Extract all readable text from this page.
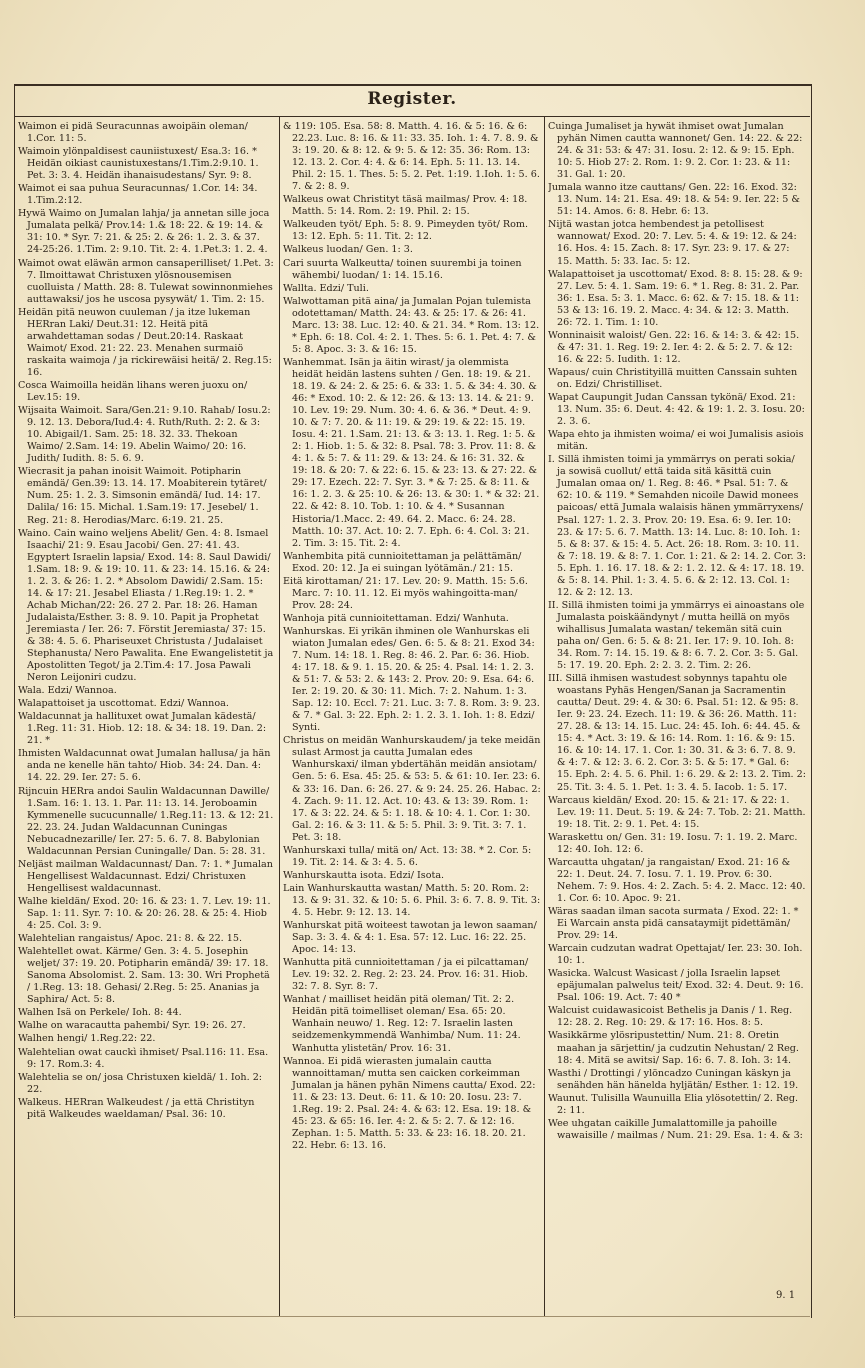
Register.
Waimon ei pidä Seuracunnas awoipäin oleman/ 1.Cor. 11: 5.
Waimoin ylönpaldisest cauniistuxest/ Esa.3: 16. * Heidän oikiast caunistuxestans/1.Tim.2:9.10. 1. Pet. 3: 3. 4. Heidän ihanaisudestans/ Syr. 9: 8.
Waimot ei saa puhua Seuracunnas/ 1.Cor. 14: 34. 1.Tim.2:12.
Hywä Waimo on Jumalan lahja/ ja annetan sille joca Jumalata pelkä/ Prov.14: 1.& 18: 22. & 19: 14. & 31: 10. * Syr. 7: 21. & 25: 2. & 26: 1. 2. 3. & 37. 24-25:26. 1.Tim. 2: 9.10. Tit. 2: 4. 1.Pet.3: 1. 2. 4.
Waimot owat eläwän armon cansaperilliset/ 1.Pet. 3: 7. Ilmoittawat Christuxen ylösnousemisen cuolluista / Matth. 28: 8. Tulewat sowinnonmiehes auttawaksi/ jos he uscosa pysywät/ 1. Tim. 2: 15.
Heidän pitä neuwon cuuleman / ja itze lukeman HERran Laki/ Deut.31: 12. Heitä pitä arwahdettaman sodas / Deut.20:14. Raskaat Waimot/ Exod. 21: 22. 23. Menahen surmaiö raskaita waimoja / ja rickirewäisi heitä/ 2. Reg.15: 16.
Cosca Waimoilla heidän lihans weren juoxu on/ Lev.15: 19.
Wijsaita Waimoit. Sara/Gen.21: 9.10. Rahab/ Iosu.2: 9. 12. 13. Debora/Iud.4: 4. Ruth/Ruth. 2: 2. & 3: 10. Abigail/1. Sam. 25: 18. 32. 33. Thekoan Waimo/ 2.Sam. 14: 19. Abelin Waimo/ 20: 16. Judith/ Iudith. 8: 5. 6. 9.
Wiecrasit ja pahan inoisit Waimoit. Potipharin emändä/ Gen.39: 13. 14. 17. Moabiterein tytäret/ Num. 25: 1. 2. 3. Simsonin emändä/ Iud. 14: 17. Dalila/ 16: 15. Michal. 1.Sam.19: 17. Jesebel/ 1. Reg. 21: 8. Herodias/Marc. 6:19. 21. 25.
Waino. Cain waino weljens Abelit/ Gen. 4: 8. Ismael Isaachi/ 21: 9. Esau Jacobi/ Gen. 27: 41. 43. Egyptert Israelin lapsia/ Exod. 14: 8. Saul Dawidi/ 1.Sam. 18: 9. & 19: 10. 11. & 23: 14. 15.16. & 24: 1. 2. 3. & 26: 1. 2. * Absolom Dawidi/ 2.Sam. 15: 14. & 17: 21. Jesabel Eliasta / 1.Reg.19: 1. 2. * Achab Michan/22: 26. 27 2. Par. 18: 26. Haman Judalaista/Esther. 3: 8. 9. 10. Papit ja Prophetat Jeremiasta / Ier. 26: 7. Förstit Jeremiasta/ 37: 15. & 38: 4. 5. 6. Phariseuxet Christusta / Judalaiset Stephanusta/ Nero Pawalita. Ene Ewangelistetit ja Apostolitten Tegot/ ja 2.Tim.4: 17. Josa Pawali Neron Leijoniri cudzu.
Wala. Edzi/ Wannoa.
Walapattoiset ja uscottomat. Edzi/ Wannoa.
Waldacunnat ja hallituxet owat Jumalan kädestä/ 1.Reg. 11: 31. Hiob. 12: 18. & 34: 18. 19. Dan. 2: 21. *
Ihmisten Waldacunnat owat Jumalan hallusa/ ja hän anda ne kenelle hän tahto/ Hiob. 34: 24. Dan. 4: 14. 22. 29. Ier. 27: 5. 6.
Rijncuin HERra andoi Saulin Waldacunnan Dawille/ 1.Sam. 16: 1. 13. 1. Par. 11: 13. 14. Jeroboamin Kymmenelle sucucunnalle/ 1.Reg.11: 13. & 12: 21. 22. 23. 24. Judan Waldacunnan Cuningas Nebucadnezarille/ Ier. 27: 5. 6. 7. 8. Babylonian Waldacunnan Persian Cuningalle/ Dan. 5: 28. 31.
Neljäst mailman Waldacunnast/ Dan. 7: 1. * Jumalan Hengellisest Waldacunnast. Edzi/ Christuxen Hengellisest waldacunnast.
Walhe kieldän/ Exod. 20: 16. & 23: 1. 7. Lev. 19: 11. Sap. 1: 11. Syr. 7: 10. & 20: 26. 28. & 25: 4. Hiob 4: 25. Col. 3: 9.
Walehtelian rangaistus/ Apoc. 21: 8. & 22. 15.
Walehtellet owat. Kärme/ Gen. 3: 4. 5. Josephin weljet/ 37: 19. 20. Potipharin emändä/ 39: 17. 18. Sanoma Absolomist. 2. Sam. 13: 30. Wri Prophetä / 1.Reg. 13: 18. Gehasi/ 2.Reg. 5: 25. Ananias ja Saphira/ Act. 5: 8.
Walhen Isä on Perkele/ Ioh. 8: 44.
Walhe on waracautta pahembi/ Syr. 19: 26. 27.
Walhen hengi/ 1.Reg.22: 22.
Walehtelian owat cauckì ihmiset/ Psal.116: 11. Esa. 9: 17. Rom.3: 4.
Walehtelia se on/ josa Christuxen kieldä/ 1. Ioh. 2: 22.
Walkeus. HERran Walkeudest / ja että Christityn pitä Walkeudes waeldaman/ Psal. 36: 10.
& 119: 105. Esa. 58: 8. Matth. 4. 16. & 5: 16. & 6: 22.23. Luc. 8: 16. & 11: 33. 35. Ioh. 1: 4. 7. 8. 9. & 3: 19. 20. & 8: 12. & 9: 5. & 12: 35. 36: Rom. 13: 12. 13. 2. Cor. 4: 4. & 6: 14. Eph. 5: 11. 13. 14. Phil. 2: 15. 1. Thes. 5: 5. 2. Pet. 1:19. 1.Ioh. 1: 5. 6. 7. & 2: 8. 9.
Walkeus owat Christityt täsä mailmas/ Prov. 4: 18. Matth. 5: 14. Rom. 2: 19. Phil. 2: 15.
Walkeuden työt/ Eph. 5: 8. 9. Pimeyden työt/ Rom. 13: 12. Eph. 5: 11. Tit. 2: 12.
Walkeus luodan/ Gen. 1: 3.
Cari suurta Walkeutta/ toinen suurembi ja toinen wähembi/ luodan/ 1: 14. 15.16.
Wallta. Edzi/ Tuli.
Walwottaman pitä aina/ ja Jumalan Pojan tulemista odotettaman/ Matth. 24: 43. & 25: 17. & 26: 41. Marc. 13: 38. Luc. 12: 40. & 21. 34. * Rom. 13: 12. * Eph. 6: 18. Col. 4: 2. 1. Thes. 5: 6. 1. Pet. 4: 7. & 5: 8. Apoc. 3: 3. & 16: 15.
Wanhemmat. Isän ja äitin wirast/ ja olemmista heidät heidän lastens suhten / Gen. 18: 19. & 21. 18. 19. & 24: 2. & 25: 6. & 33: 1. 5. & 34: 4. 30. & 46: * Exod. 10: 2. & 12: 26. & 13: 13. 14. & 21: 9. 10. Lev. 19: 29. Num. 30: 4. 6. & 36. * Deut. 4: 9. 10. & 7: 7. 20. & 11: 19. & 29: 19. & 22: 15. 19. Iosu. 4: 21. 1.Sam. 21: 13. & 3: 13. 1. Reg. 1: 5. & 2: 1. Hiob. 1: 5. & 32: 8. Psal. 78: 3. Prov. 11: 8. & 4: 1. & 5: 7. & 11: 29. & 13: 24. & 16: 31. 32. & 19: 18. & 20: 7. & 22: 6. 15. & 23: 13. & 27: 22. & 29: 17. Ezech. 22: 7. Syr. 3. * & 7: 25. & 8: 11. & 16: 1. 2. 3. & 25: 10. & 26: 13. & 30: 1. * & 32: 21. 22. & 42: 8. 10. Tob. 1: 10. & 4. * Susannan Historia/1.Macc. 2: 49. 64. 2. Macc. 6: 24. 28. Matth. 10: 37. Act. 10: 2. 7. Eph. 6: 4. Col. 3: 21. 2. Tim. 3: 15. Tit. 2: 4.
Wanhembita pitä cunnioitettaman ja pelättämän/ Exod. 20: 12. Ja ei suingan lyötämän./ 21: 15.
Eitä kirottaman/ 21: 17. Lev. 20: 9. Matth. 15: 5.6. Marc. 7: 10. 11. 12. Ei myös wahingoitta-man/ Prov. 28: 24.
Wanhoja pitä cunnioitettaman. Edzi/ Wanhuta.
Wanhurskas. Ei yrikän ihminen ole Wanhurskas eli wiaton Jumalan edes/ Gen. 6: 5. & 8: 21. Exod 34: 7. Num. 14: 18. 1. Reg. 8: 46. 2. Par. 6: 36. Hiob. 4: 17. 18. & 9. 1. 15. 20. & 25: 4. Psal. 14: 1. 2. 3. & 51: 7. & 53: 2. & 143: 2. Prov. 20: 9. Esa. 64: 6. Ier. 2: 19. 20. & 30: 11. Mich. 7: 2. Nahum. 1: 3. Sap. 12: 10. Eccl. 7: 21. Luc. 3: 7. 8. Rom. 3: 9. 23. & 7. * Gal. 3: 22. Eph. 2: 1. 2. 3. 1. Ioh. 1: 8. Edzi/ Synti.
Christus on meidän Wanhurskaudem/ ja teke meidän sulast Armost ja cautta Jumalan edes Wanhurskaxi/ ilman ybdertähän meidän ansiotam/ Gen. 5: 6. Esa. 45: 25. & 53: 5. & 61: 10. Ier. 23: 6. & 33: 16. Dan. 6: 26. 27. & 9: 24. 25. 26. Habac. 2: 4. Zach. 9: 11. 12. Act. 10: 43. & 13: 39. Rom. 1: 17. & 3: 22. 24. & 5: 1. 18. & 10: 4. 1. Cor. 1: 30. Gal. 2: 16. & 3: 11. & 5: 5. Phil. 3: 9. Tit. 3: 7. 1. Pet. 3: 18.
Wanhurskaxi tulla/ mitä on/ Act. 13: 38. * 2. Cor. 5: 19. Tit. 2: 14. & 3: 4. 5. 6.
Wanhurskautta isota. Edzi/ Isota.
Lain Wanhurskautta wastan/ Matth. 5: 20. Rom. 2: 13. & 9: 31. 32. & 10: 5. 6. Phil. 3: 6. 7. 8. 9. Tit. 3: 4. 5. Hebr. 9: 12. 13. 14.
Wanhurskat pitä woiteest tawotan ja lewon saaman/ Sap. 3: 3. 4. & 4: 1. Esa. 57: 12. Luc. 16: 22. 25. Apoc. 14: 13.
Wanhutta pitä cunnioitettaman / ja ei pilcattaman/ Lev. 19: 32. 2. Reg. 2: 23. 24. Prov. 16: 31. Hiob. 32: 7. 8. Syr. 8: 7.
Wanhat / mailliset heidän pitä oleman/ Tit. 2: 2. Heidän pitä toimelliset oleman/ Esa. 65: 20. Wanhain neuwo/ 1. Reg. 12: 7. Israelin lasten seidzemenkymmendä Wanhimba/ Num. 11: 24. Wanhutta ylistetän/ Prov. 16: 31.
Wannoa. Ei pidä wierasten jumalain cautta wannoittaman/ mutta sen caicken corkeimman Jumalan ja hänen pyhän Nimens cautta/ Exod. 22: 11. & 23: 13. Deut. 6: 11. & 10: 20. Iosu. 23: 7. 1.Reg. 19: 2. Psal. 24: 4. & 63: 12. Esa. 19: 18. & 45: 23. & 65: 16. Ier. 4: 2. & 5: 2. 7. & 12: 16. Zephan. 1: 5. Matth. 5: 33. & 23: 16. 18. 20. 21. 22. Hebr. 6: 13. 16.
Cuinga Jumaliset ja hywät ihmiset owat Jumalan pyhän Nimen cautta wannonet/ Gen. 14: 22. & 22: 24. & 31: 53: & 47: 31. Iosu. 2: 12. & 9: 15. Eph. 10: 5. Hiob 27: 2. Rom. 1: 9. 2. Cor. 1: 23. & 11: 31. Gal. 1: 20.
Jumala wanno itze cauttans/ Gen. 22: 16. Exod. 32: 13. Num. 14: 21. Esa. 49: 18. & 54: 9. Ier. 22: 5 & 51: 14. Amos. 6: 8. Hebr. 6: 13.
Nijtä wastan jotca hembendest ja petollisest wannowat/ Exod. 20: 7. Lev. 5: 4. & 19: 12. & 24: 16. Hos. 4: 15. Zach. 8: 17. Syr. 23: 9. 17. & 27: 15. Matth. 5: 33. Iac. 5: 12.
Walapattoiset ja uscottomat/ Exod. 8: 8. 15: 28. & 9: 27. Lev. 5: 4. 1. Sam. 19: 6. * 1. Reg. 8: 31. 2. Par. 36: 1. Esa. 5: 3. 1. Macc. 6: 62. & 7: 15. 18. & 11: 53 & 13: 16. 19. 2. Macc. 4: 34. & 12: 3. Matth. 26: 72. 1. Tim. 1: 10.
Wonninaisit waloist/ Gen. 22: 16. & 14: 3. & 42: 15. & 47: 31. 1. Reg. 19: 2. Ier. 4: 2. & 5: 2. 7. & 12: 16. & 22: 5. Iudith. 1: 12.
Wapaus/ cuin Christityillä muitten Canssain suhten on. Edzi/ Christilliset.
Wapat Caupungit Judan Canssan tykönä/ Exod. 21: 13. Num. 35: 6. Deut. 4: 42. & 19: 1. 2. 3. Iosu. 20: 2. 3. 6.
Wapa ehto ja ihmisten woima/ ei woi Jumalisis asiois mitän.
I. Sillä ihmisten toimi ja ymmärrys on perati sokia/ ja sowisä cuollut/ että taida sitä käsittä cuin Jumalan omaa on/ 1. Reg. 8: 46. * Psal. 51: 7. & 62: 10. & 119. * Semahden nicoile Dawid monees paicoas/ että Jumala walaisis hänen ymmärryxens/ Psal. 127: 1. 2. 3. Prov. 20: 19. Esa. 6: 9. Ier. 10: 23. & 17: 5. 6. 7. Matth. 13: 14. Luc. 8: 10. Ioh. 1: 5. & 8: 37. & 15: 4. 5. Act. 26: 18. Rom. 3: 10. 11. & 7: 18. 19. & 8: 7. 1. Cor. 1: 21. & 2: 14. 2. Cor. 3: 5. Eph. 1. 16. 17. 18. & 2: 1. 2. 12. & 4: 17. 18. 19. & 5: 8. 14. Phil. 1: 3. 4. 5. 6. & 2: 12. 13. Col. 1: 12. & 2: 12. 13.
II. Sillä ihmisten toimi ja ymmärrys ei ainoastans ole Jumalasta poiskäändynyt / mutta heillä on myös wihallisus Jumalata wastan/ tekemän sitä cuin paha on/ Gen. 6: 5. & 8: 21. Ier. 17: 9. 10. Ioh. 8: 34. Rom. 7: 14. 15. 19. & 8: 6. 7. 2. Cor. 3: 5. Gal. 5: 17. 19. 20. Eph. 2: 2. 3. 2. Tim. 2: 26.
III. Sillä ihmisen wastudest sobynnys tapahtu ole woastans Pyhäs Hengen/Sanan ja Sacramentin cautta/ Deut. 29: 4. & 30: 6. Psal. 51: 12. & 95: 8. Ier. 9: 23. 24. Ezech. 11: 19. & 36: 26. Matth. 11: 27. 28. & 13: 14. 15. Luc. 24: 45. Ioh. 6: 44. 45. & 15: 4. * Act. 3: 19. & 16: 14. Rom. 1: 16. & 9: 15. 16. & 10: 14. 17. 1. Cor. 1: 30. 31. & 3: 6. 7. 8. 9. & 4: 7. & 12: 3. 6. 2. Cor. 3: 5. & 5: 17. * Gal. 6: 15. Eph. 2: 4. 5. 6. Phil. 1: 6. 29. & 2: 13. 2. Tim. 2: 25. Tit. 3: 4. 5. 1. Pet. 1: 3. 4. 5. Iacob. 1: 5. 17.
Warcaus kieldän/ Exod. 20: 15. & 21: 17. & 22: 1. Lev. 19: 11. Deut. 5: 19. & 24: 7. Tob. 2: 21. Matth. 19: 18. Tit. 2: 9. 1. Pet. 4: 15.
Waraskettu on/ Gen. 31: 19. Iosu. 7: 1. 19. 2. Marc. 12: 40. Ioh. 12: 6.
Warcautta uhgatan/ ja rangaistan/ Exod. 21: 16 & 22: 1. Deut. 24. 7. Iosu. 7. 1. 19. Prov. 6: 30. Nehem. 7: 9. Hos. 4: 2. Zach. 5: 4. 2. Macc. 12: 40. 1. Cor. 6: 10. Apoc. 9: 21.
Wäras saadan ilman sacota surmata / Exod. 22: 1. * Ei Warcain ansta pidä cansataymijt pidettämän/ Prov. 29: 14.
Warcain cudzutan wadrat Opettajat/ Ier. 23: 30. Ioh. 10: 1.
Wasicka. Walcust Wasicast / jolla Israelin lapset epäjumalan palwelus teit/ Exod. 32: 4. Deut. 9: 16. Psal. 106: 19. Act. 7: 40 *
Walcuist cuidawasicoist Bethelis ja Danis / 1. Reg. 12: 28. 2. Reg. 10: 29. & 17: 16. Hos. 8: 5.
Wasikkärme ylösripustettin/ Num. 21: 8. Oretin maahan ja särjettin/ ja cudzutin Nehustan/ 2 Reg. 18: 4. Mitä se awitsi/ Sap. 16: 6. 7. 8. Ioh. 3: 14.
Wasthi / Drottingi / ylöncadzo Cuningan käskyn ja senähden hän hänelda hyljätän/ Esther. 1: 12. 19.
Waunut. Tulisilla Waunuilla Elia ylösotettin/ 2. Reg. 2: 11.
Wee uhgatan caikille Jumalattomille ja pahoille wawaisille / mailmas / Num. 21: 29. Esa. 1: 4. & 3:
9. 1
